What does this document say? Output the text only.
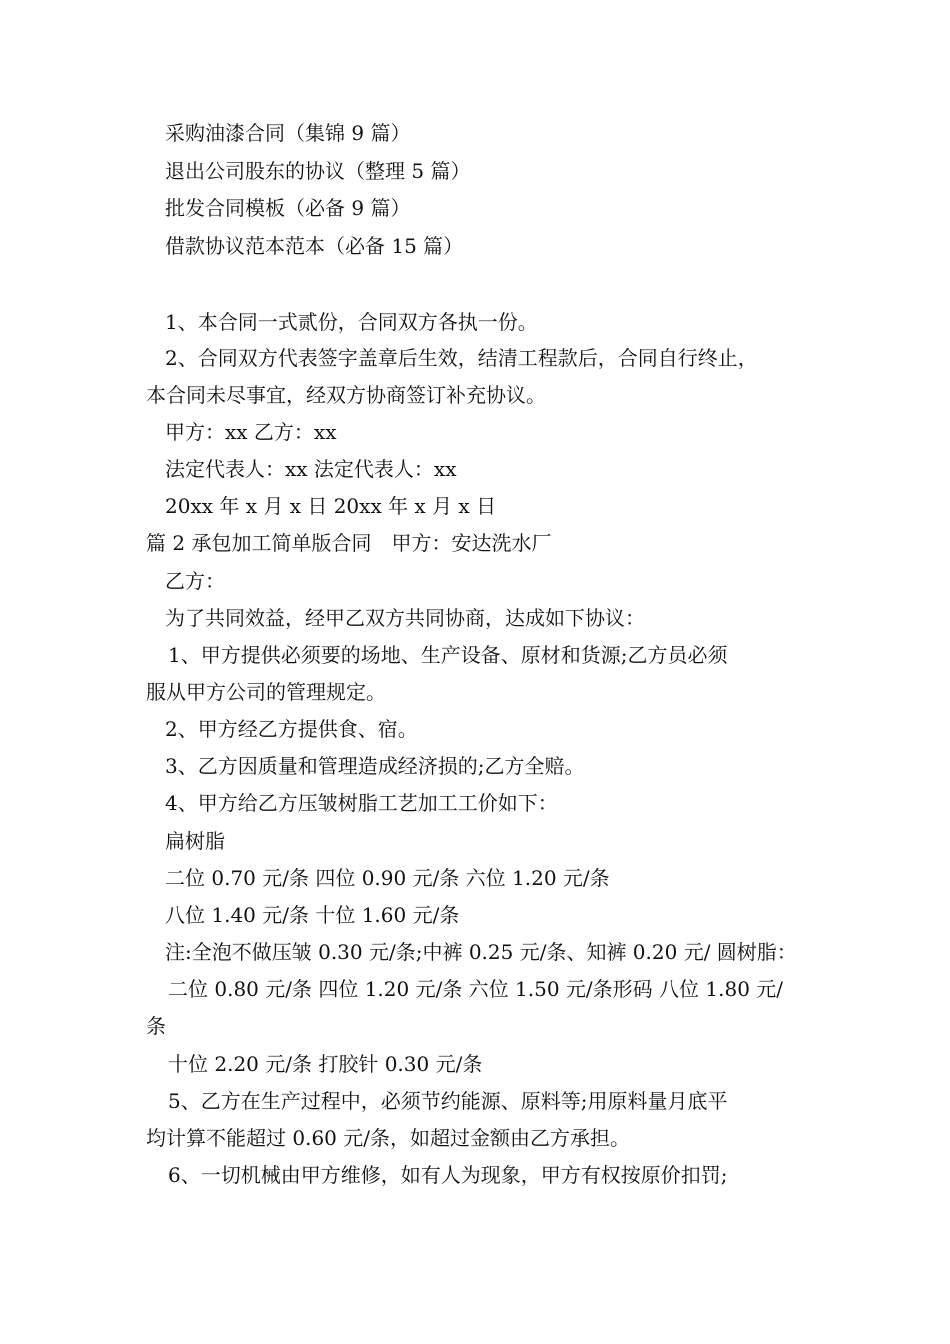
采购油漆合同（集锦 9 篇）
退出公司股东的协议（整理 5 篇）
批发合同模板（必备 9 篇）
借款协议范本范本（必备 15 篇）
1、本合同一式贰份，合同双方各执一份。
2、合同双方代表签字盖章后生效，结清工程款后，合同自行终止，
本合同未尽事宜，经双方协商签订补充协议。
甲方：xx 乙方：xx
法定代表人：xx 法定代表人：xx
20xx 年 x 月 x 日 20xx 年 x 月 x 日
篇 2 承包加工简单版合同　甲方：安达洗水厂
乙方：
为了共同效益，经甲乙双方共同协商，达成如下协议：
1、甲方提供必须要的场地、生产设备、原材和货源;乙方员必须
服从甲方公司的管理规定。
2、甲方经乙方提供食、宿。
3、乙方因质量和管理造成经济损的;乙方全赔。
4、甲方给乙方压皱树脂工艺加工工价如下：
扁树脂
二位 0.70 元/条 四位 0.90 元/条 六位 1.20 元/条
八位 1.40 元/条 十位 1.60 元/条
注:全泡不做压皱 0.30 元/条;中裤 0.25 元/条、知裤 0.20 元/ 圆树脂：
二位 0.80 元/条 四位 1.20 元/条 六位 1.50 元/条形码 八位 1.80 元/
条
十位 2.20 元/条 打胶针 0.30 元/条
5、乙方在生产过程中，必须节约能源、原料等;用原料量月底平
均计算不能超过 0.60 元/条，如超过金额由乙方承担。
6、一切机械由甲方维修，如有人为现象，甲方有权按原价扣罚;
